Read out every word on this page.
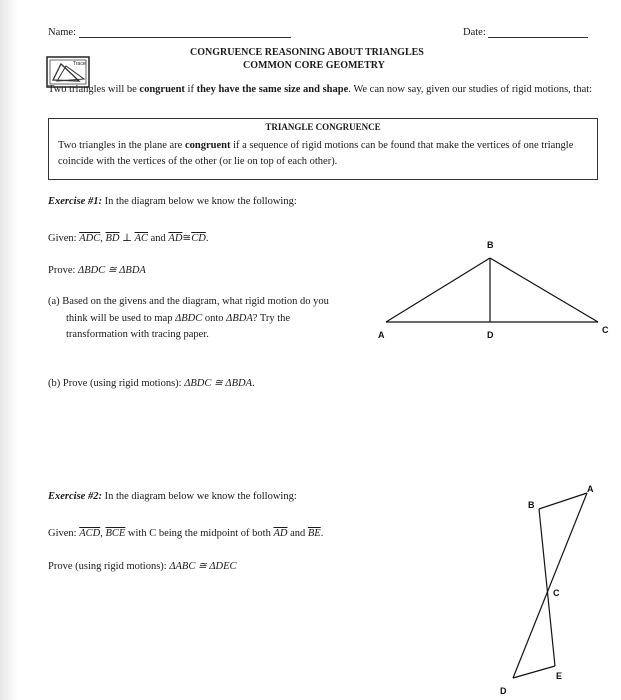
Name:	Date:
CONGRUENCE REASONING ABOUT TRIANGLES
COMMON CORE GEOMETRY
Trace
Two triangles will be congruent if they have the same size and shape. We can now say, given our studies of rigid motions, that:
TRIANGLE CONGRUENCE
Two triangles in the plane are congruent if a sequence of rigid motions can be found that make the vertices of one triangle coincide with the vertices of the other (or lie on top of each other).
Exercise #1: In the diagram below we know the following:
Given: $\overline{ADC}$, $\overline{BD}$ ⊥ $\overline{AC}$ and $\overline{AD}≅\overline{CD}$.
Prove: ΔBDC ≅ ΔBDA
(a) Based on the givens and the diagram, what rigid motion do you
think will be used to map ΔBDC onto ΔBDA? Try the
transformation with tracing paper.
(b) Prove (using rigid motions): ΔBDC ≅ ΔBDA.
B
A	D	C
Exercise #2: In the diagram below we know the following:
Given: $\overline{ACD}$, $\overline{BCE}$ with C being the midpoint of both $\overline{AD}$ and $\overline{BE}$.
Prove (using rigid motions): ΔABC ≅ ΔDEC
A
B
C
E
D
